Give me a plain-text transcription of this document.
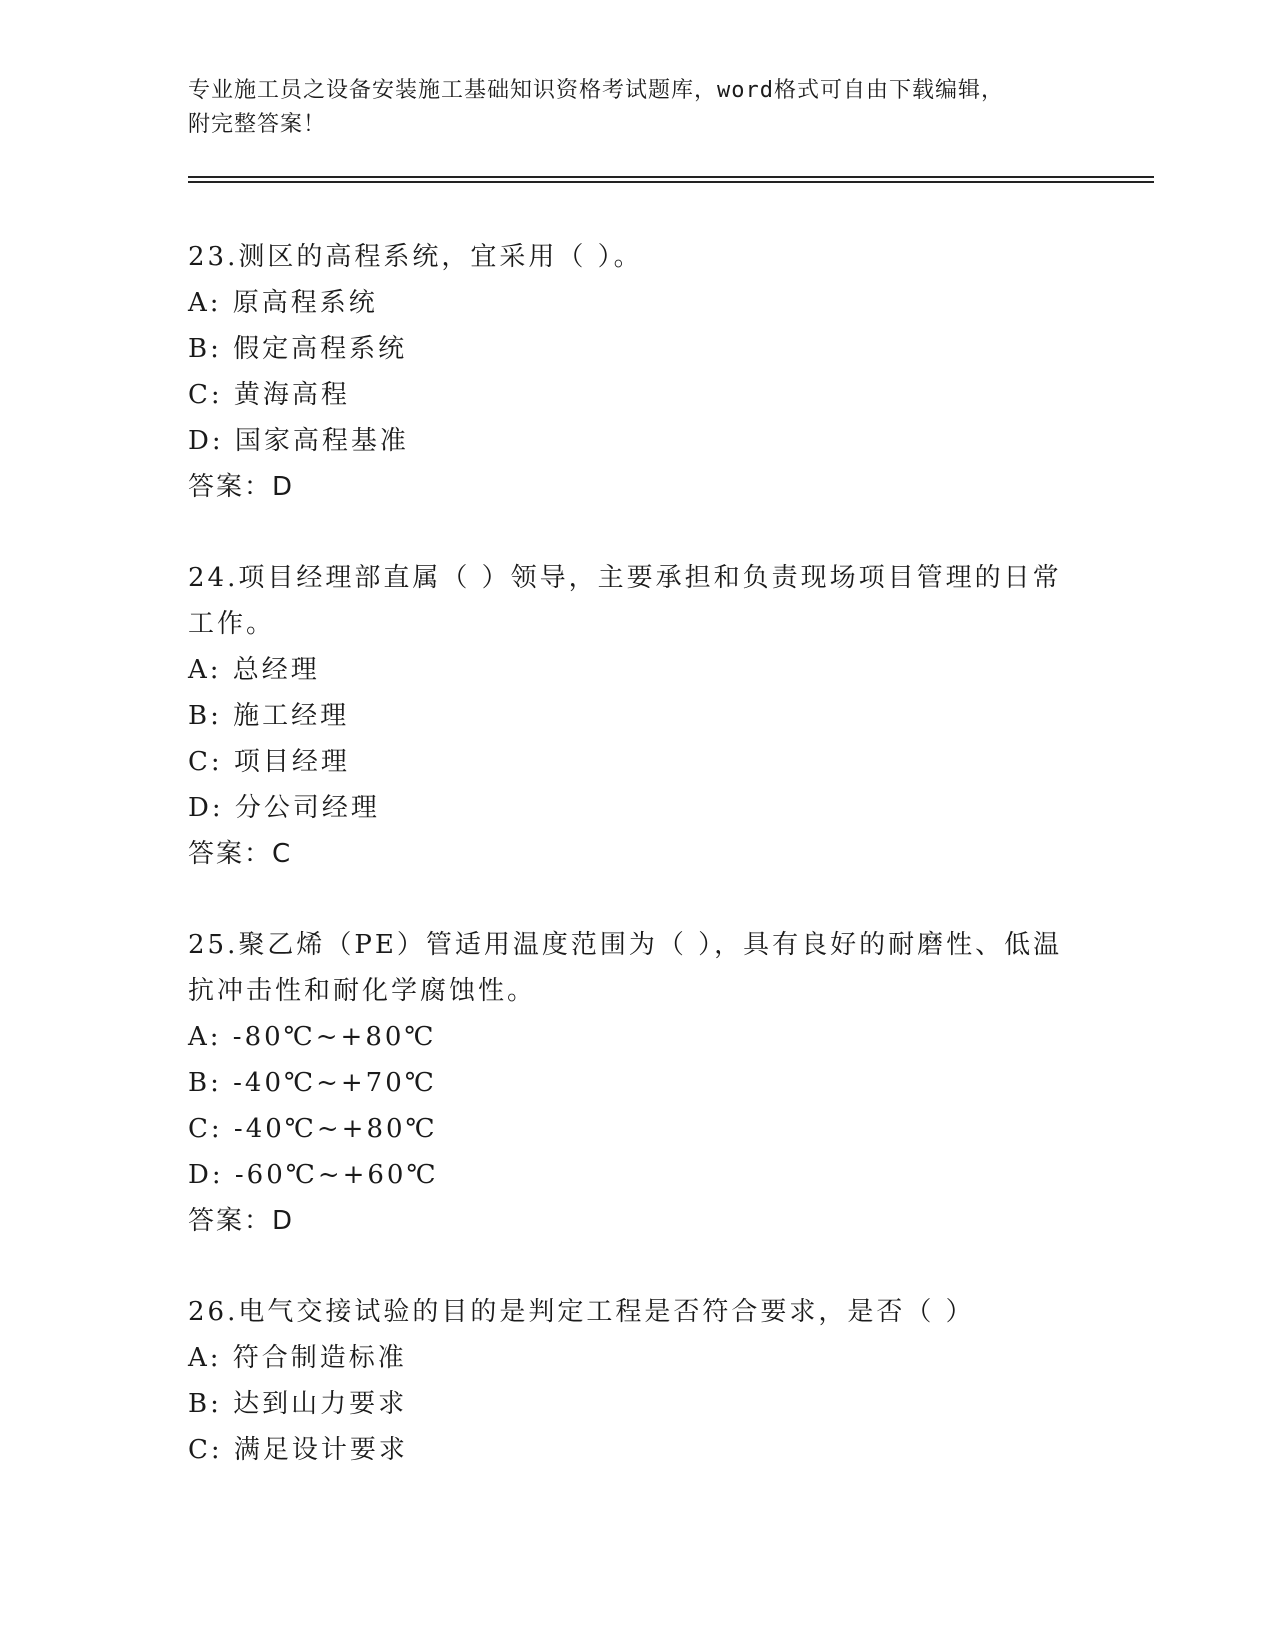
专业施工员之设备安装施工基础知识资格考试题库，word格式可自由下载编辑，
附完整答案！
23.测区的高程系统，宜采用（ ）。
A: 原高程系统
B: 假定高程系统
C: 黄海高程
D: 国家高程基准
答案：D
24.项目经理部直属（ ）领导，主要承担和负责现场项目管理的日常
工作。
A: 总经理
B: 施工经理
C: 项目经理
D: 分公司经理
答案：C
25.聚乙烯（PE）管适用温度范围为（ ），具有良好的耐磨性、低温
抗冲击性和耐化学腐蚀性。
A: -80℃~+80℃
B: -40℃~+70℃
C: -40℃~+80℃
D: -60℃~+60℃
答案：D
26.电气交接试验的目的是判定工程是否符合要求，是否（ ）
A: 符合制造标准
B: 达到山力要求
C: 满足设计要求
